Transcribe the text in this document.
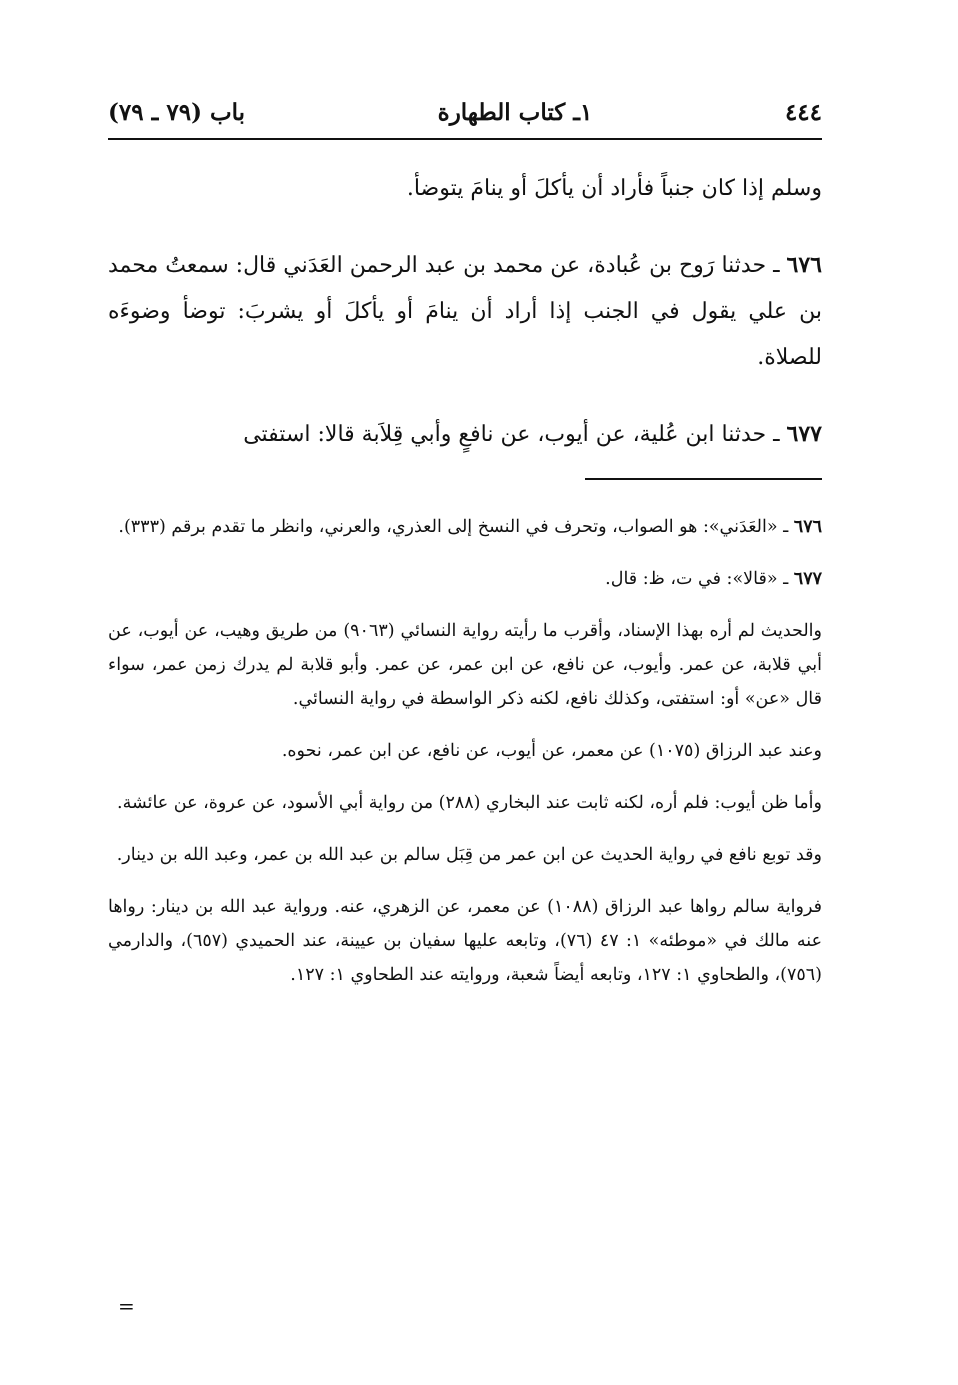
٤٤٤
١ـ كتاب الطهارة
باب (٧٩ ـ ٧٩)

وسلم إذا كان جنباً فأراد أن يأكلَ أو ينامَ يتوضأ.

٦٧٦ ـ حدثنا رَوح بن عُبادة، عن محمد بن عبد الرحمن العَدَني قال: سمعتُ محمد بن علي يقول في الجنب إذا أراد أن ينامَ أو يأكلَ أو يشربَ: توضأ وضوءَه للصلاة.

٦٧٧ ـ حدثنا ابن عُلية، عن أيوب، عن نافعٍ وأبي قِلاَبة قالا: استفتى

٦٧٦ ـ «العَدَني»: هو الصواب، وتحرف في النسخ إلى العذري، والعرني، وانظر ما تقدم برقم (٣٣٣).

٦٧٧ ـ «قالا»: في ت، ظ: قال.

والحديث لم أره بهذا الإسناد، وأقرب ما رأيته رواية النسائي (٩٠٦٣) من طريق وهيب، عن أيوب، عن أبي قلابة، عن عمر. وأيوب، عن نافع، عن ابن عمر، عن عمر. وأبو قلابة لم يدرك زمن عمر، سواء قال «عن» أو: استفتى، وكذلك نافع، لكنه ذكر الواسطة في رواية النسائي.

وعند عبد الرزاق (١٠٧٥) عن معمر، عن أيوب، عن نافع، عن ابن عمر، نحوه.

وأما ظن أيوب: فلم أره، لكنه ثابت عند البخاري (٢٨٨) من رواية أبي الأسود، عن عروة، عن عائشة.

وقد توبع نافع في رواية الحديث عن ابن عمر من قِبَل سالم بن عبد الله بن عمر، وعبد الله بن دينار.

فرواية سالم رواها عبد الرزاق (١٠٨٨) عن معمر، عن الزهري، عنه. ورواية عبد الله بن دينار: رواها عنه مالك في «موطئه» ١: ٤٧ (٧٦)، وتابعه عليها سفيان بن عيينة، عند الحميدي (٦٥٧)، والدارمي (٧٥٦)، والطحاوي ١: ١٢٧، وتابعه أيضاً شعبة، وروايته عند الطحاوي ١: ١٢٧.

=
